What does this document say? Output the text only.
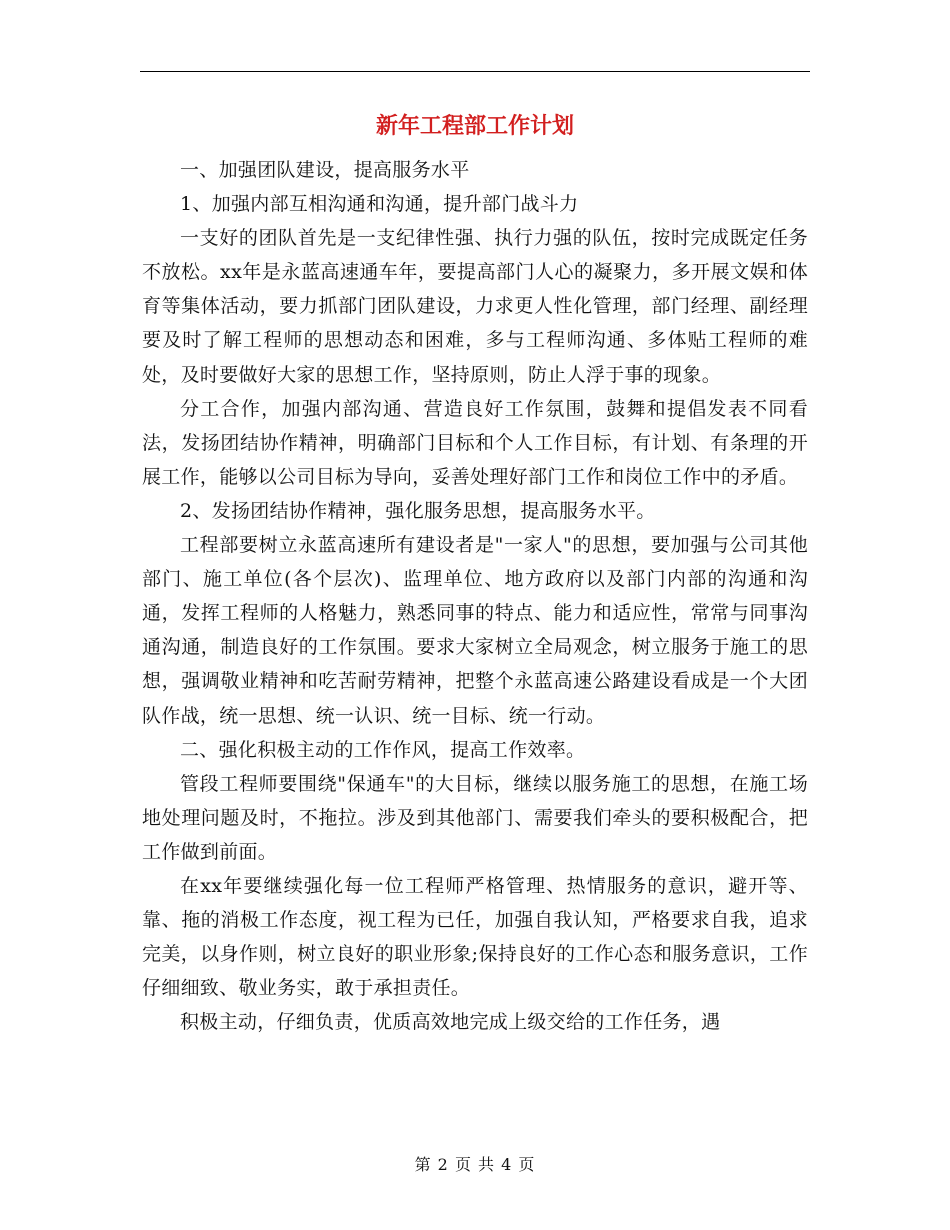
新年工程部工作计划

一、加强团队建设，提高服务水平

1、加强内部互相沟通和沟通，提升部门战斗力

一支好的团队首先是一支纪律性强、执行力强的队伍，按时完成既定任务不放松。xx年是永蓝高速通车年，要提高部门人心的凝聚力，多开展文娱和体育等集体活动，要力抓部门团队建设，力求更人性化管理，部门经理、副经理要及时了解工程师的思想动态和困难，多与工程师沟通、多体贴工程师的难处，及时要做好大家的思想工作，坚持原则，防止人浮于事的现象。

分工合作，加强内部沟通、营造良好工作氛围，鼓舞和提倡发表不同看法，发扬团结协作精神，明确部门目标和个人工作目标，有计划、有条理的开展工作，能够以公司目标为导向，妥善处理好部门工作和岗位工作中的矛盾。

2、发扬团结协作精神，强化服务思想，提高服务水平。

工程部要树立永蓝高速所有建设者是"一家人"的思想，要加强与公司其他部门、施工单位(各个层次)、监理单位、地方政府以及部门内部的沟通和沟通，发挥工程师的人格魅力，熟悉同事的特点、能力和适应性，常常与同事沟通沟通，制造良好的工作氛围。要求大家树立全局观念，树立服务于施工的思想，强调敬业精神和吃苦耐劳精神，把整个永蓝高速公路建设看成是一个大团队作战，统一思想、统一认识、统一目标、统一行动。

二、强化积极主动的工作作风，提高工作效率。

管段工程师要围绕"保通车"的大目标，继续以服务施工的思想，在施工场地处理问题及时，不拖拉。涉及到其他部门、需要我们牵头的要积极配合，把工作做到前面。

在xx年要继续强化每一位工程师严格管理、热情服务的意识，避开等、靠、拖的消极工作态度，视工程为已任，加强自我认知，严格要求自我，追求完美，以身作则，树立良好的职业形象;保持良好的工作心态和服务意识，工作仔细细致、敬业务实，敢于承担责任。

积极主动，仔细负责，优质高效地完成上级交给的工作任务，遇

第 2 页 共 4 页
